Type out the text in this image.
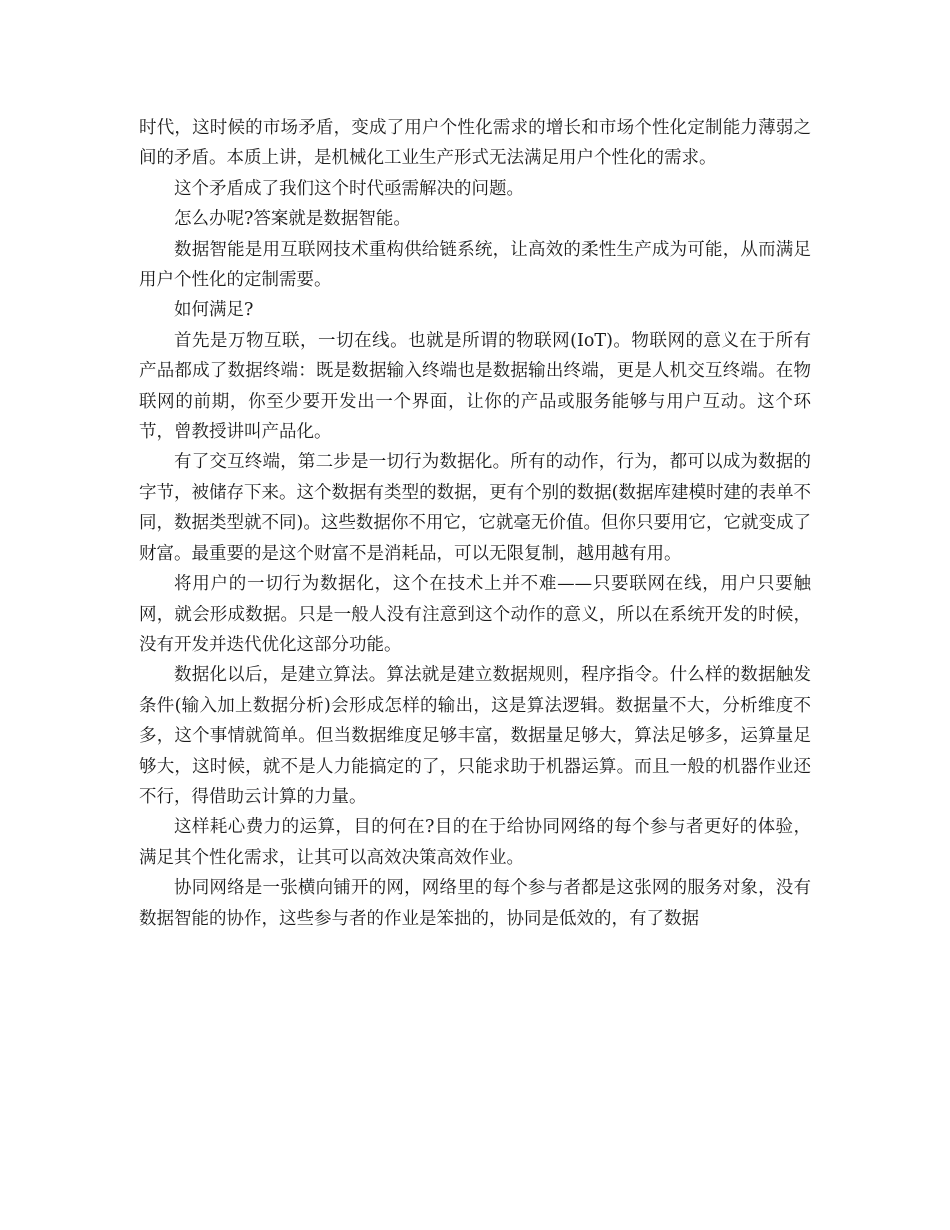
时代，这时候的市场矛盾，变成了用户个性化需求的增长和市场个性化定制能力薄弱之间的矛盾。本质上讲，是机械化工业生产形式无法满足用户个性化的需求。

这个矛盾成了我们这个时代亟需解决的问题。

怎么办呢?答案就是数据智能。

数据智能是用互联网技术重构供给链系统，让高效的柔性生产成为可能，从而满足用户个性化的定制需要。

如何满足?

首先是万物互联，一切在线。也就是所谓的物联网(IoT)。物联网的意义在于所有产品都成了数据终端：既是数据输入终端也是数据输出终端，更是人机交互终端。在物联网的前期，你至少要开发出一个界面，让你的产品或服务能够与用户互动。这个环节，曾教授讲叫产品化。

有了交互终端，第二步是一切行为数据化。所有的动作，行为，都可以成为数据的字节，被储存下来。这个数据有类型的数据，更有个别的数据(数据库建模时建的表单不同，数据类型就不同)。这些数据你不用它，它就毫无价值。但你只要用它，它就变成了财富。最重要的是这个财富不是消耗品，可以无限复制，越用越有用。

将用户的一切行为数据化，这个在技术上并不难——只要联网在线，用户只要触网，就会形成数据。只是一般人没有注意到这个动作的意义，所以在系统开发的时候，没有开发并迭代优化这部分功能。

数据化以后，是建立算法。算法就是建立数据规则，程序指令。什么样的数据触发条件(输入加上数据分析)会形成怎样的输出，这是算法逻辑。数据量不大，分析维度不多，这个事情就简单。但当数据维度足够丰富，数据量足够大，算法足够多，运算量足够大，这时候，就不是人力能搞定的了，只能求助于机器运算。而且一般的机器作业还不行，得借助云计算的力量。

这样耗心费力的运算，目的何在?目的在于给协同网络的每个参与者更好的体验，满足其个性化需求，让其可以高效决策高效作业。

协同网络是一张横向铺开的网，网络里的每个参与者都是这张网的服务对象，没有数据智能的协作，这些参与者的作业是笨拙的，协同是低效的，有了数据
